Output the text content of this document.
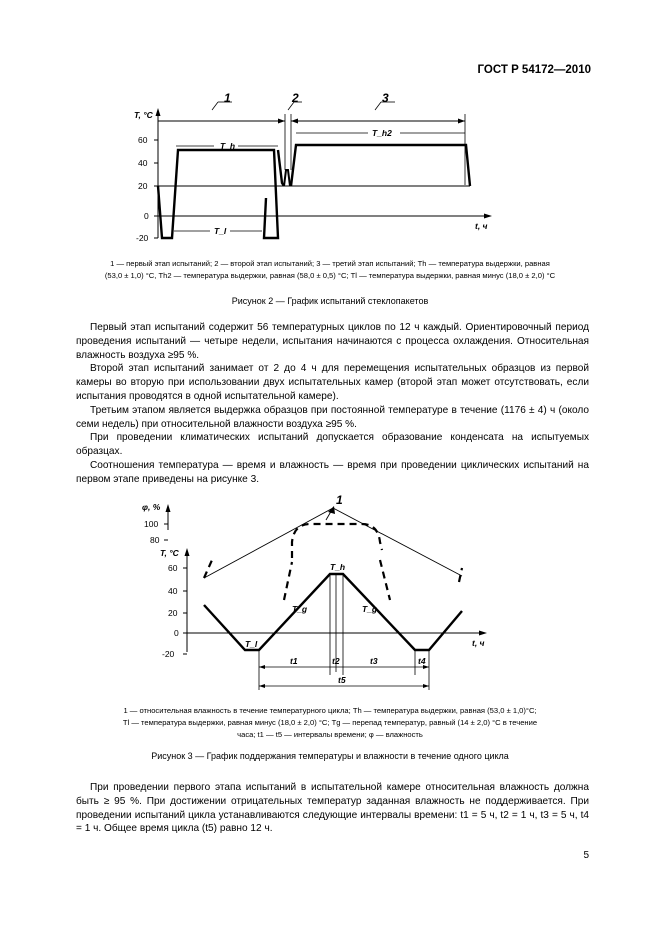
ГОСТ Р 54172—2010
T, °C
60
40
20
0
-20
t, ч
1	2	3
T_h
T_l
T_h2
1 — первый этап испытаний; 2 — второй этап испытаний; 3 — третий этап испытаний; Th — температура выдержки, равная
(53,0 ± 1,0) °С, Th2 — температура выдержки, равная (58,0 ± 0,5) °С; Tl — температура выдержки, равная минус (18,0 ± 2,0) °С
Рисунок 2 — График испытаний стеклопакетов

Первый этап испытаний содержит 56 температурных циклов по 12 ч каждый. Ориентировочный период проведения испытаний — четыре недели, испытания начинаются с процесса охлаждения. Относительная влажность воздуха ≥95 %.

Второй этап испытаний занимает от 2 до 4 ч для перемещения испытательных образцов из первой камеры во вторую при использовании двух испытательных камер (второй этап может отсутствовать, если испытания проводятся в одной испытательной камере).

Третьим этапом является выдержка образцов при постоянной температуре в течение (1176 ± 4) ч (около семи недель) при относительной влажности воздуха ≥95 %.

При проведении климатических испытаний допускается образование конденсата на испытуемых образцах.

Соотношения температура — время и влажность — время при проведении циклических испытаний на первом этапе приведены на рисунке 3.

φ, %
100
80
T, °C
60
40
20
0
-20
t, ч
1
T_h
T_l
T_g	T_g
t1	t2	t3	t4
t5
1 — относительная влажность в течение температурного цикла; Th — температура выдержки, равная (53,0 ± 1,0)°С;
Tl — температура выдержки, равная минус (18,0 ± 2,0) °С; Tg — перепад температур, равный (14 ± 2,0) °С в течение
часа; t1 — t5 — интервалы времени; φ — влажность
Рисунок 3 — График поддержания температуры и влажности в течение одного цикла

При проведении первого этапа испытаний в испытательной камере относительная влажность должна быть ≥ 95 %. При достижении отрицательных температур заданная влажность не поддерживается. При проведении испытаний цикла устанавливаются следующие интервалы времени: t1 = 5 ч, t2 = 1 ч, t3 = 5 ч, t4 = 1 ч. Общее время цикла (t5) равно 12 ч.

5
